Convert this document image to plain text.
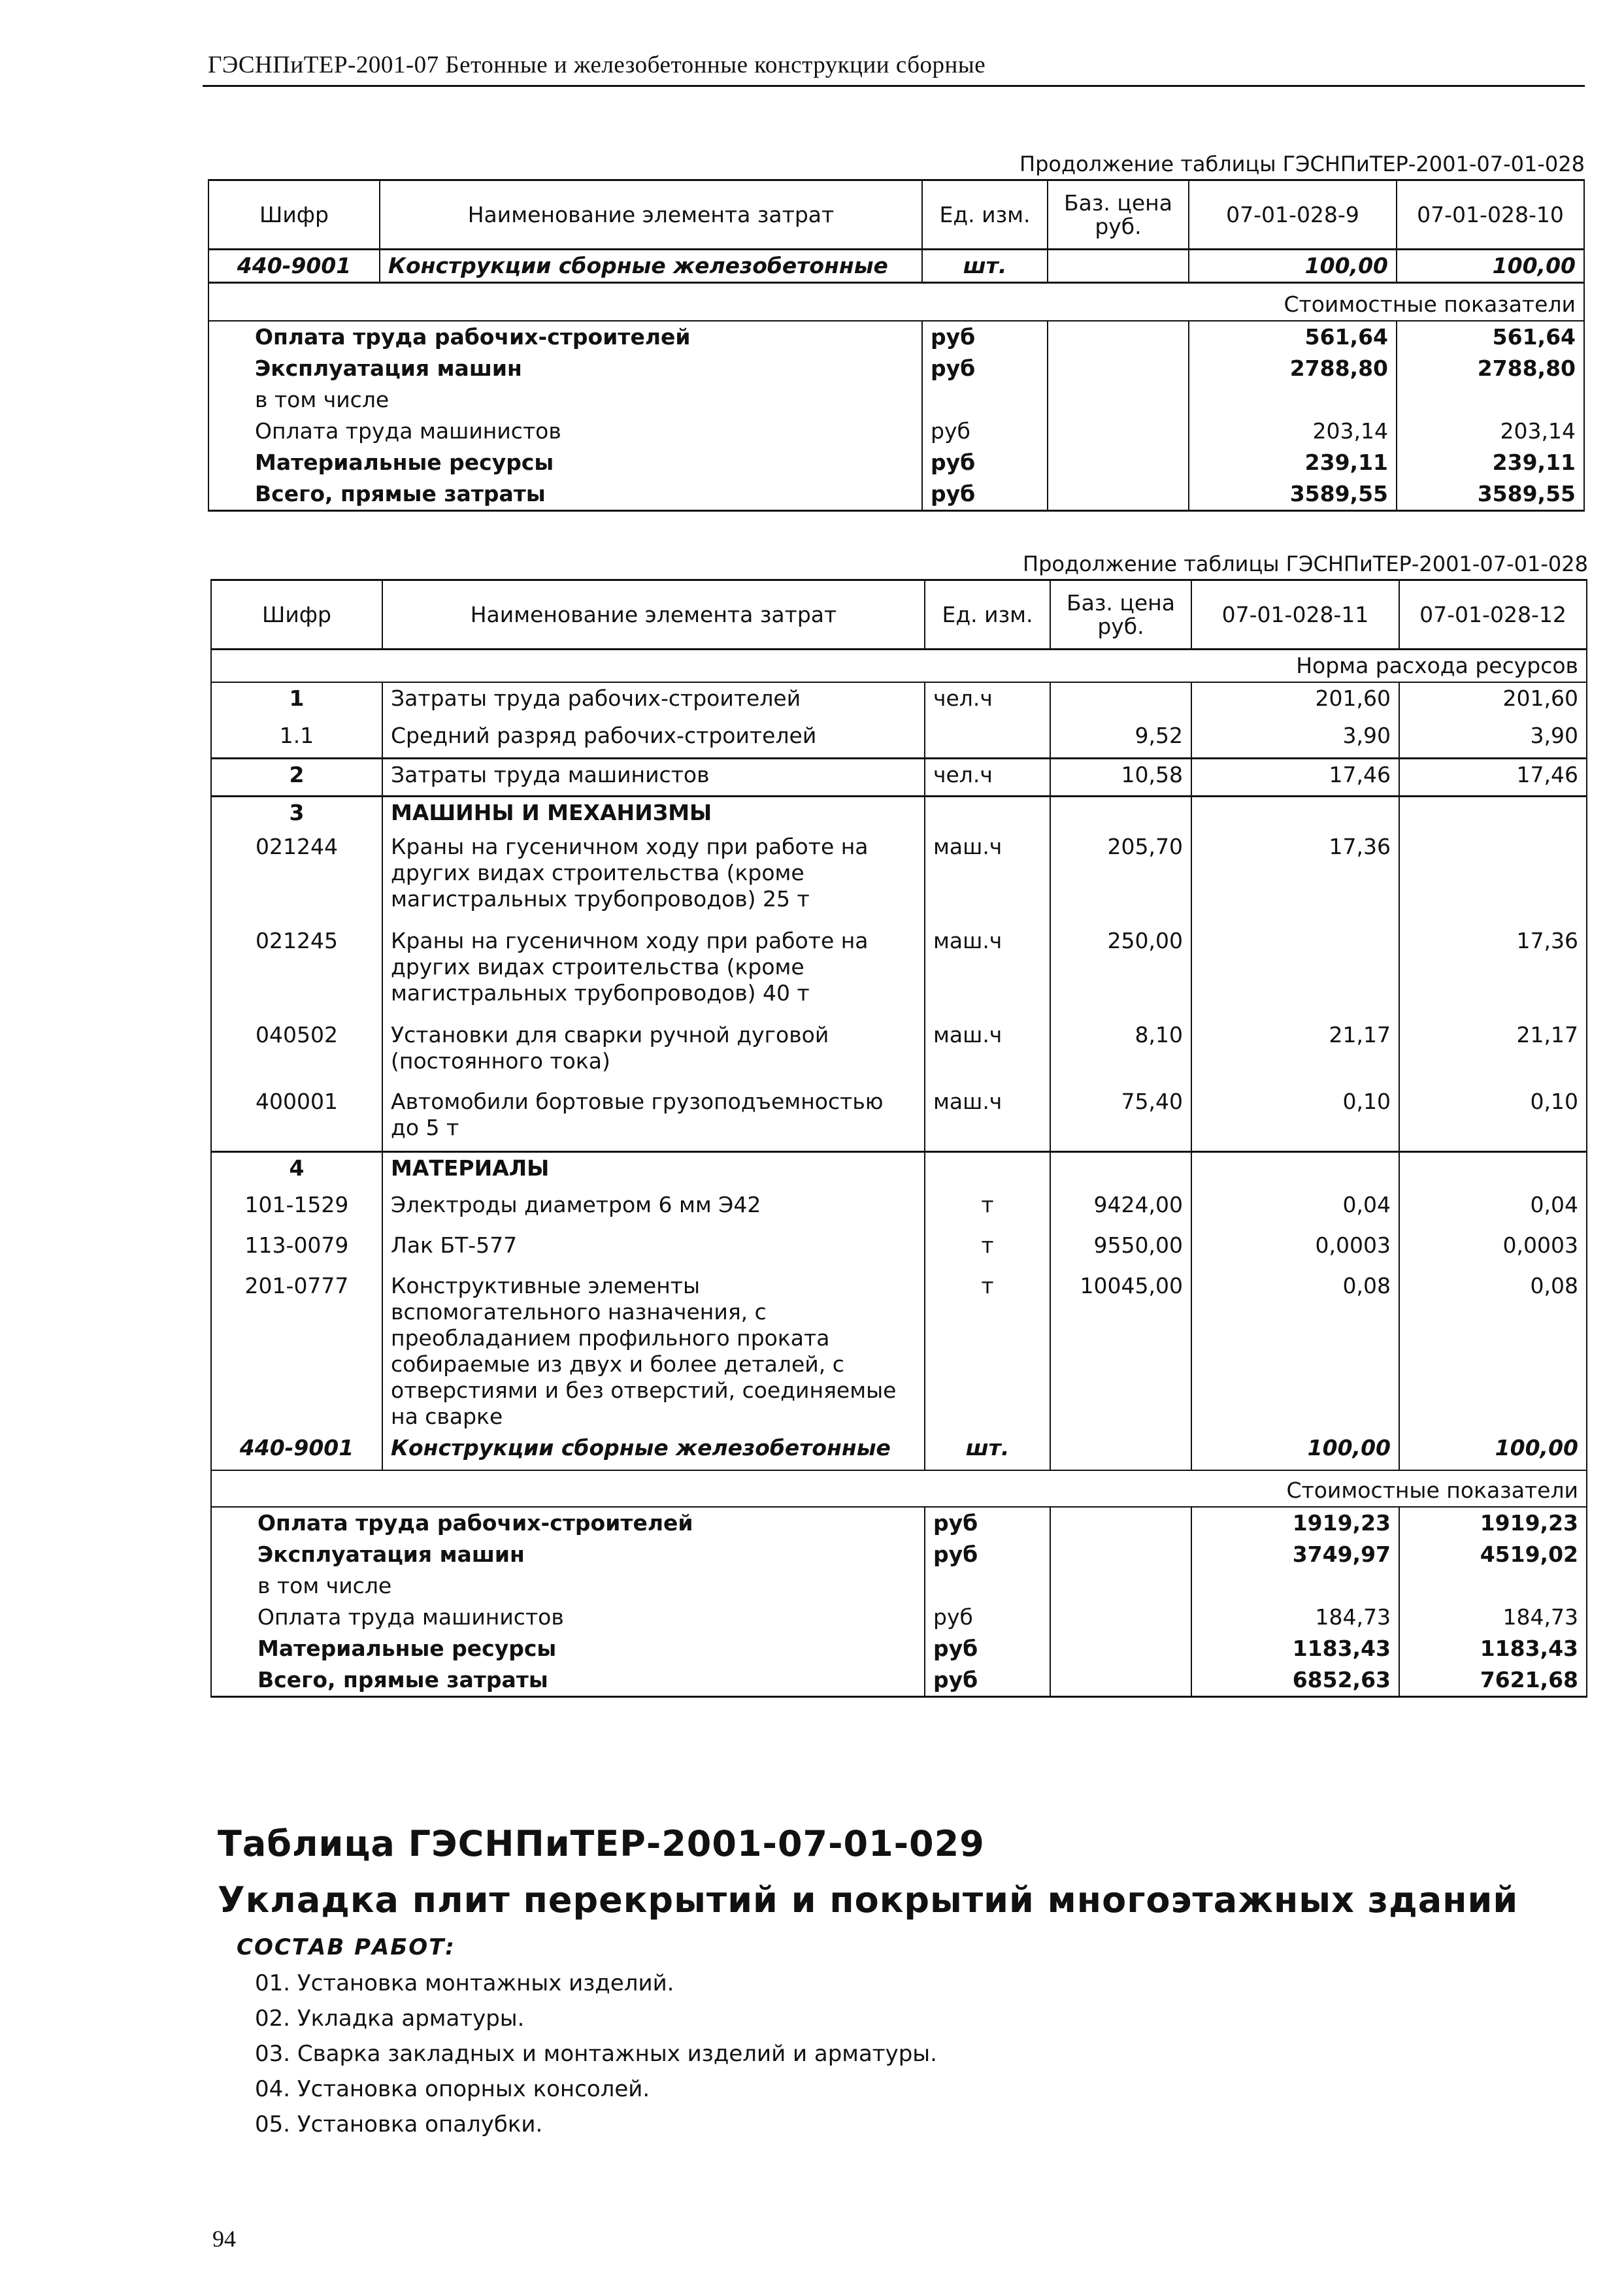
ГЭСНПиТЕР-2001-07 Бетонные и железобетонные конструкции сборные
Продолжение таблицы ГЭСНПиТЕР-2001-07-01-028
Шифр	Наименование элемента затрат	Ед. изм.	Баз. цена руб.	07-01-028-9	07-01-028-10
440-9001	Конструкции сборные железобетонные	шт.		100,00	100,00
Стоимостные показатели					
Оплата труда рабочих-строителей		руб		561,64	561,64
Эксплуатация машин		руб		2788,80	2788,80
в том числе					
Оплата труда машинистов		руб		203,14	203,14
Материальные ресурсы		руб		239,11	239,11
Всего, прямые затраты		руб		3589,55	3589,55
Продолжение таблицы ГЭСНПиТЕР-2001-07-01-028
Шифр	Наименование элемента затрат	Ед. изм.	Баз. цена руб.	07-01-028-11	07-01-028-12
Норма расхода ресурсов					
1	Затраты труда рабочих-строителей	чел.ч		201,60	201,60
1.1	Средний разряд рабочих-строителей		9,52	3,90	3,90
2	Затраты труда машинистов	чел.ч	10,58	17,46	17,46
3	МАШИНЫ И МЕХАНИЗМЫ				
021244	Краны на гусеничном ходу при работе на других видах строительства (кроме магистральных трубопроводов) 25 т	маш.ч	205,70	17,36	
021245	Краны на гусеничном ходу при работе на других видах строительства (кроме магистральных трубопроводов) 40 т	маш.ч	250,00		17,36
040502	Установки для сварки ручной дуговой (постоянного тока)	маш.ч	8,10	21,17	21,17
400001	Автомобили бортовые грузоподъемностью до 5 т	маш.ч	75,40	0,10	0,10
4	МАТЕРИАЛЫ				
101-1529	Электроды диаметром 6 мм Э42	т	9424,00	0,04	0,04
113-0079	Лак БТ-577	т	9550,00	0,0003	0,0003
201-0777	Конструктивные элементы вспомогательного назначения, с преобладанием профильного проката собираемые из двух и более деталей, с отверстиями и без отверстий, соединяемые на сварке	т	10045,00	0,08	0,08
440-9001	Конструкции сборные железобетонные	шт.		100,00	100,00
Стоимостные показатели					
Оплата труда рабочих-строителей		руб		1919,23	1919,23
Эксплуатация машин		руб		3749,97	4519,02
в том числе					
Оплата труда машинистов		руб		184,73	184,73
Материальные ресурсы		руб		1183,43	1183,43
Всего, прямые затраты		руб		6852,63	7621,68
Таблица ГЭСНПиТЕР-2001-07-01-029
Укладка плит перекрытий и покрытий многоэтажных зданий
СОСТАВ РАБОТ:
01. Установка монтажных изделий.
02. Укладка арматуры.
03. Сварка закладных и монтажных изделий и арматуры.
04. Установка опорных консолей.
05. Установка опалубки.
94
